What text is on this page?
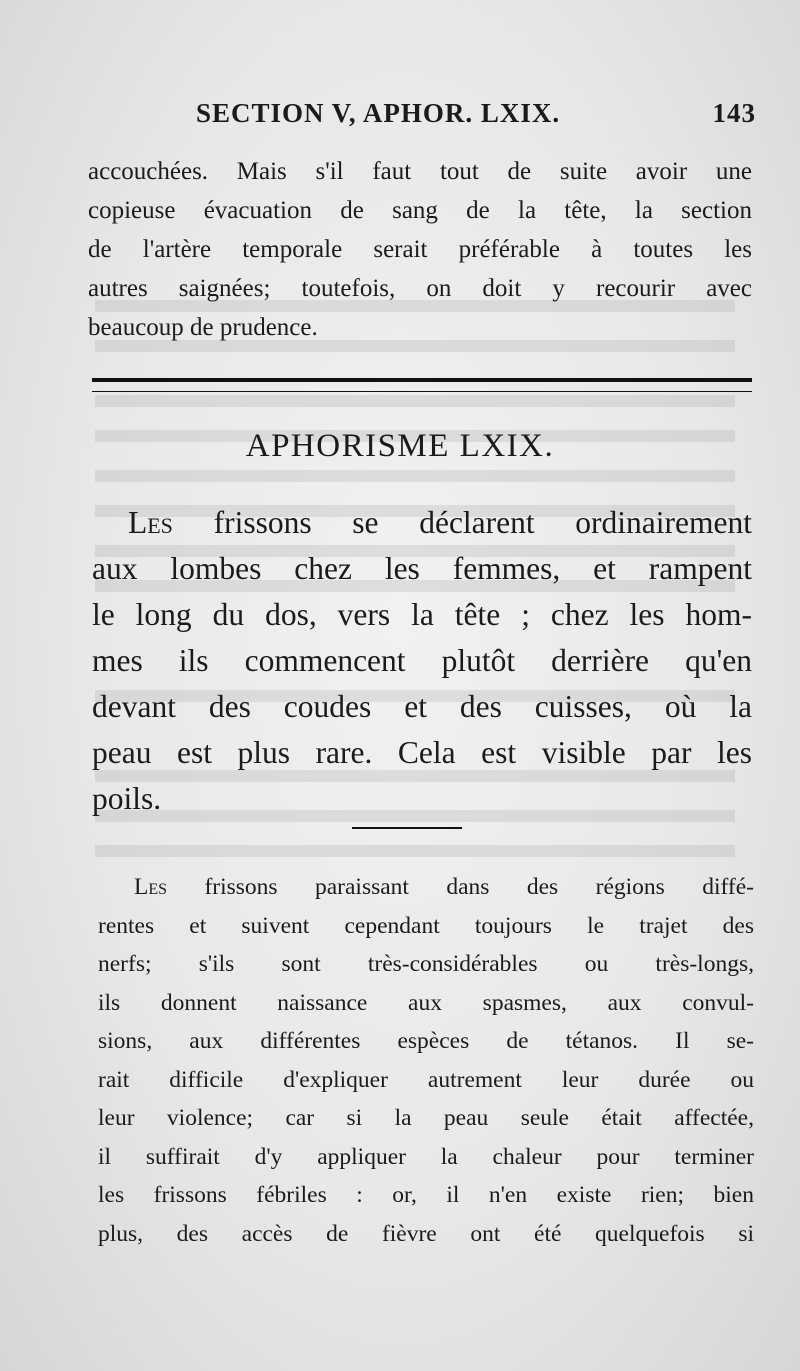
SECTION V, APHOR. LXIX.	143
accouchées. Mais s'il faut tout de suite avoir une
copieuse évacuation de sang de la tête, la section
de l'artère temporale serait préférable à toutes les
autres saignées; toutefois, on doit y recourir avec
beaucoup de prudence.
APHORISME LXIX.
Les frissons se déclarent ordinairement
aux lombes chez les femmes, et rampent
le long du dos, vers la tête ; chez les hom-
mes ils commencent plutôt derrière qu'en
devant des coudes et des cuisses, où la
peau est plus rare. Cela est visible par les
poils.
Les frissons paraissant dans des régions diffé-
rentes et suivent cependant toujours le trajet des
nerfs; s'ils sont très-considérables ou très-longs,
ils donnent naissance aux spasmes, aux convul-
sions, aux différentes espèces de tétanos. Il se-
rait difficile d'expliquer autrement leur durée ou
leur violence; car si la peau seule était affectée,
il suffirait d'y appliquer la chaleur pour terminer
les frissons fébriles : or, il n'en existe rien; bien
plus, des accès de fièvre ont été quelquefois si
